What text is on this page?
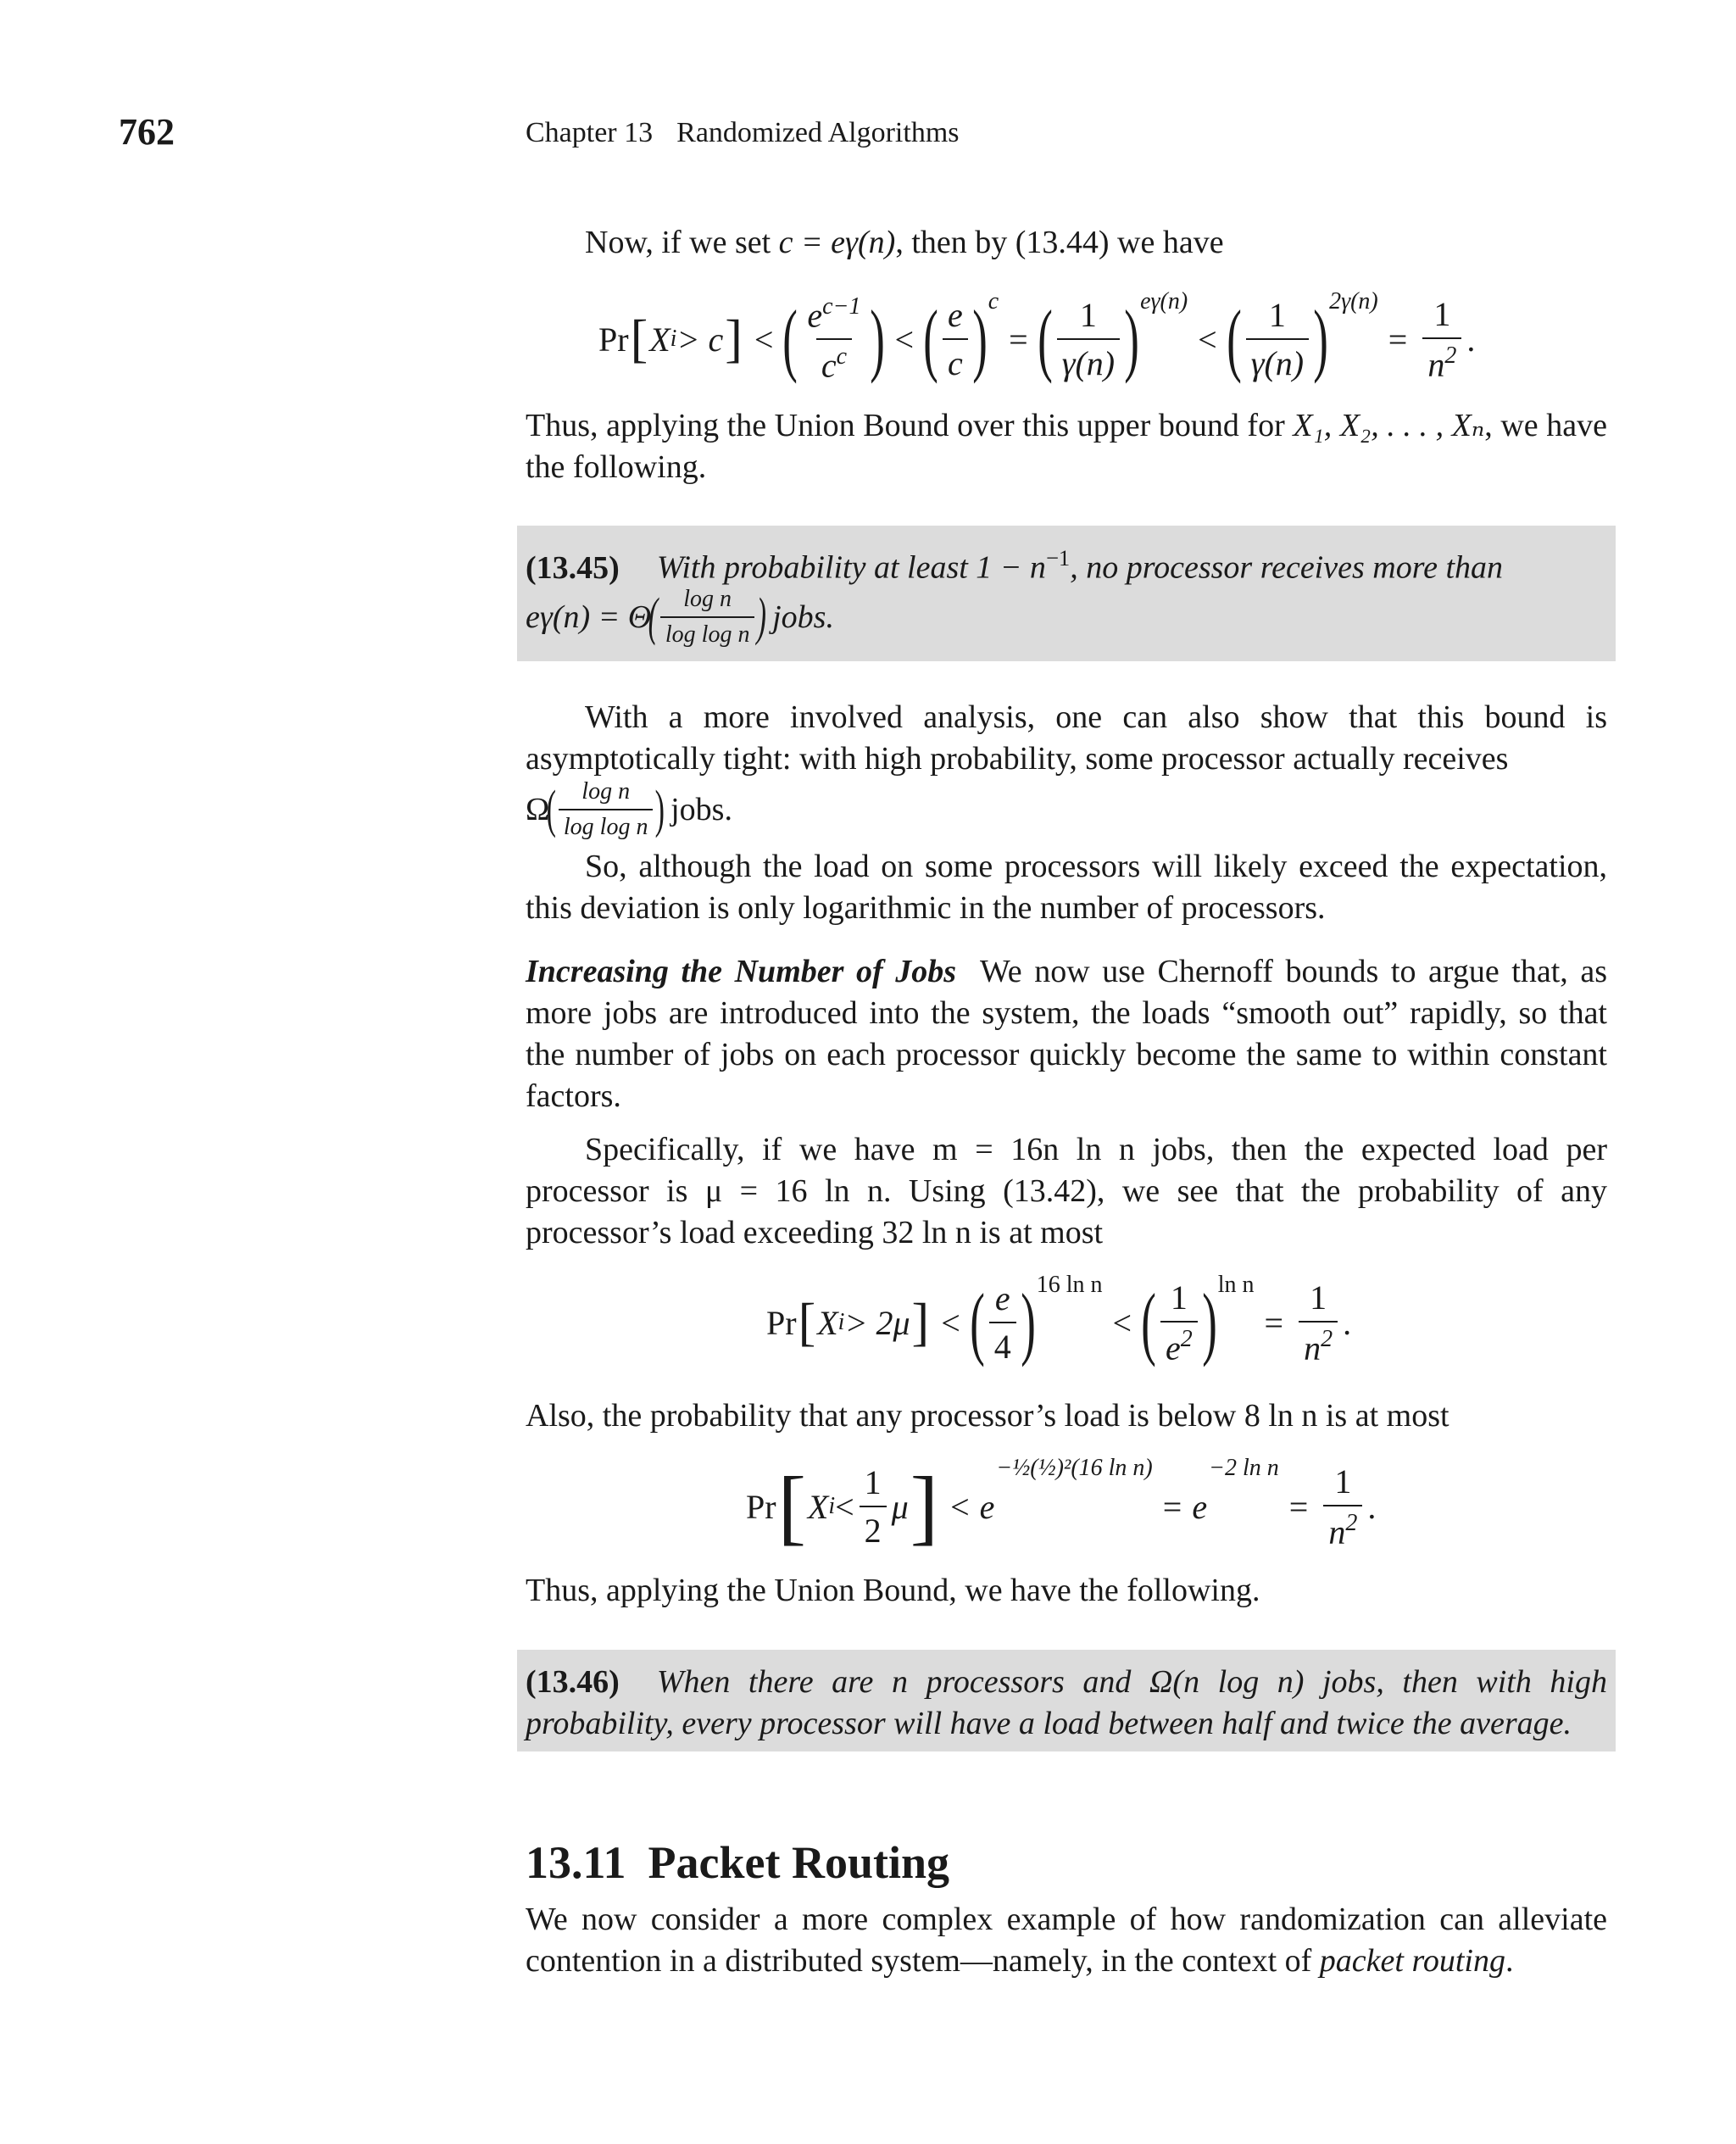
762	Chapter 13 Randomized Algorithms

Now, if we set c = eγ(n), then by (13.44) we have

Pr [ X i > c ] < ( $\frac{e^{c-1}}{c^c}$ ) < ( $\frac{e}{c}$ ) c
= ( $\frac{1}{\gamma(n)}$ ) eγ(n)
< ( $\frac{1}{\gamma(n)}$ ) 2γ(n)
= $\frac{1}{n^2}$ .

Thus, applying the Union Bound over this upper bound for X₁, X₂, . . . , Xₙ, we have the following.

(13.45) With probability at least $1 - n^{-1}$, no processor receives more than

eγ(n) = Θ
( $\frac{\text{log n}}{\text{log log n}}$ ) jobs.

With a more involved analysis, one can also show that this bound is asymptotically tight: with high probability, some processor actually receives

Ω
( $\frac{\text{log n}}{\text{log log n}}$ ) jobs.

So, although the load on some processors will likely exceed the expectation, this deviation is only logarithmic in the number of processors.

Increasing the Number of Jobs We now use Chernoff bounds to argue that, as more jobs are introduced into the system, the loads “smooth out” rapidly, so that the number of jobs on each processor quickly become the same to within constant factors.

Specifically, if we have m = 16n ln n jobs, then the expected load per processor is μ = 16 ln n. Using (13.42), we see that the probability of any processor’s load exceeding 32 ln n is at most

Pr [ X i > 2μ ] < ( $\frac{e}{4}$ ) 16 ln n
< ( $\frac{1}{e^2}$ ) ln n
= $\frac{1}{n^2}$ .

Also, the probability that any processor’s load is below 8 ln n is at most

Pr [ X $i < \frac{1}{2}$ μ ] < e
−½(½)²(16 ln n)
= e
−2 ln n
= $\frac{1}{n^2}$ .

Thus, applying the Union Bound, we have the following.

(13.46) When there are n processors and Ω(n log n) jobs, then with high probability, every processor will have a load between half and twice the average.

13.11 Packet Routing

We now consider a more complex example of how randomization can alleviate contention in a distributed system—namely, in the context of packet routing.
